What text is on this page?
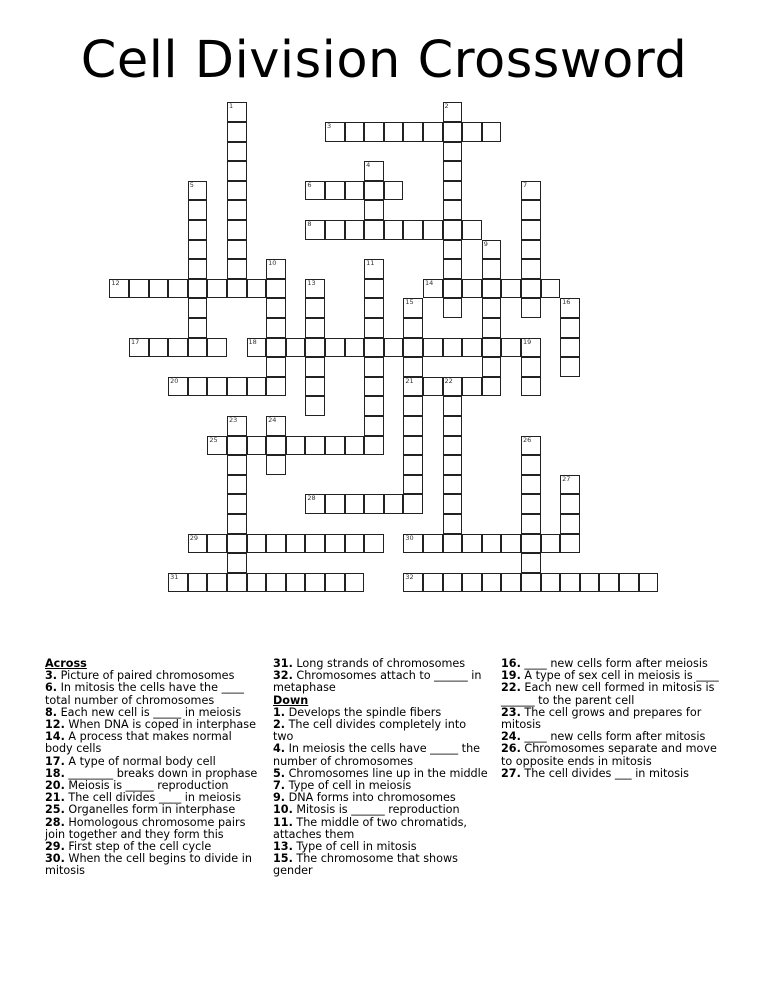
Cell Division Crossword
1	2
3
4
5	6	7
8
9
10	11
12	13	14
15
21
16
17	18	19
20	22
23	24
25	26
27
28
29	30
31	32

Across

3. Picture of paired chromosomes

6. In mitosis the cells have the ____ total number of chromosomes

8. Each new cell is _____ in meiosis

12. When DNA is coped in interphase

14. A process that makes normal body cells

17. A type of normal body cell

18. ________ breaks down in prophase

20. Meiosis is _____ reproduction

21. The cell divides ____ in meiosis

25. Organelles form in interphase

28. Homologous chromosome pairs join together and they form this

29. First step of the cell cycle

30. When the cell begins to divide in mitosis

31. Long strands of chromosomes

32. Chromosomes attach to ______ in metaphase

Down

1. Develops the spindle fibers

2. The cell divides completely into two

4. In meiosis the cells have _____ the number of chromosomes

5. Chromosomes line up in the middle

7. Type of cell in meiosis

9. DNA forms into chromosomes

10. Mitosis is ______ reproduction

11. The middle of two chromatids, attaches them

13. Type of cell in mitosis

15. The chromosome that shows gender

16. ____ new cells form after meiosis

19. A type of sex cell in meiosis is ____

22. Each new cell formed in mitosis is ______ to the parent cell

23. The cell grows and prepares for mitosis

24. ____ new cells form after mitosis

26. Chromosomes separate and move to opposite ends in mitosis

27. The cell divides ___ in mitosis
